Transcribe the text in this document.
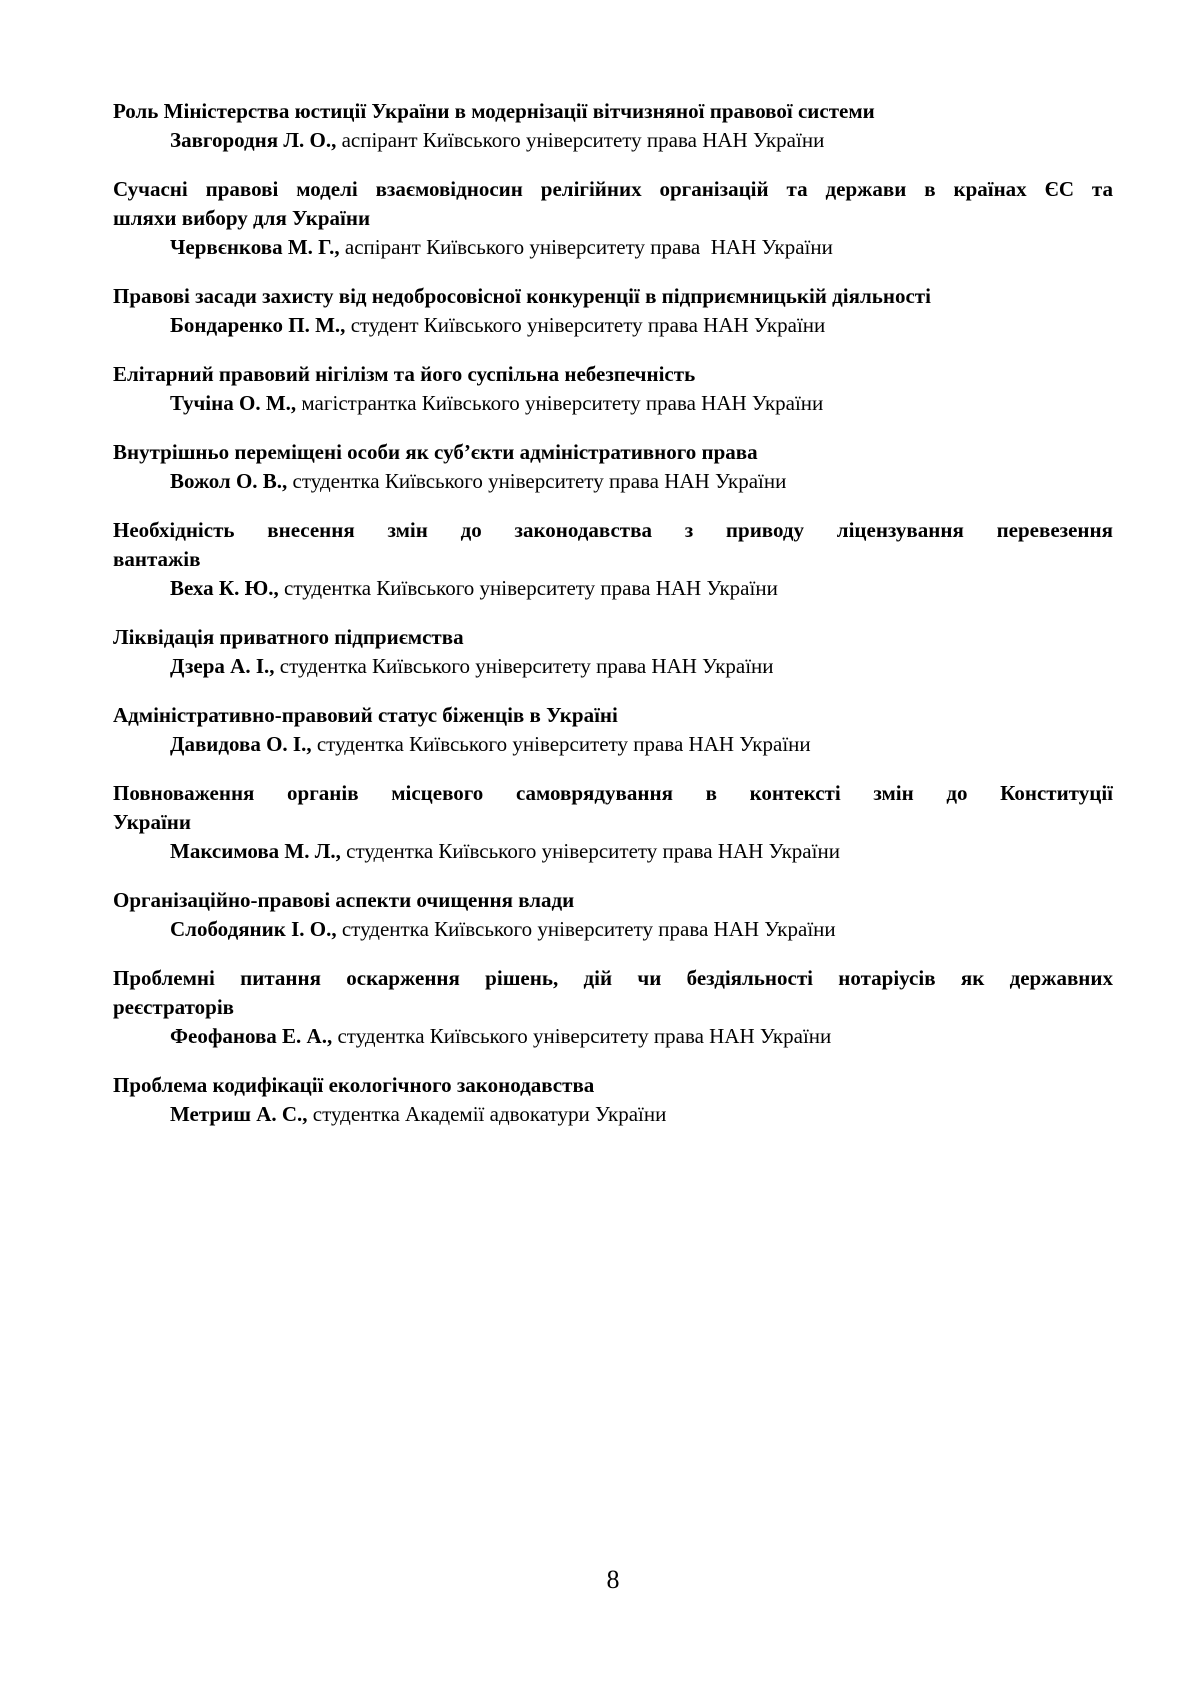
Роль Міністерства юстиції України в модернізації вітчизняної правової системи

Завгородня Л. О., аспірант Київського університету права НАН України

Сучасні правові моделі взаємовідносин релігійних організацій та держави в країнах ЄС та
шляхи вибору для України

Червєнкова М. Г., аспірант Київського університету права  НАН України

Правові засади захисту від недобросовісної конкуренції в підприємницькій діяльності

Бондаренко П. М., студент Київського університету права НАН України

Елітарний правовий нігілізм та його суспільна небезпечність

Тучіна О. М., магістрантка Київського університету права НАН України

Внутрішньо переміщені особи як суб’єкти адміністративного права

Вожол О. В., студентка Київського університету права НАН України

Необхідність внесення змін до законодавства з приводу ліцензування перевезення
вантажів

Веха К. Ю., студентка Київського університету права НАН України

Ліквідація приватного підприємства

Дзера А. І., студентка Київського університету права НАН України

Адміністративно-правовий статус біженців в Україні

Давидова О. І., студентка Київського університету права НАН України

Повноваження органів місцевого самоврядування в контексті змін до Конституції
України

Максимова М. Л., студентка Київського університету права НАН України

Організаційно-правові аспекти очищення влади

Слободяник І. О., студентка Київського університету права НАН України

Проблемні питання оскарження рішень, дій чи бездіяльності нотаріусів як державних
реєстраторів

Феофанова Е. А., студентка Київського університету права НАН України

Проблема кодифікації екологічного законодавства

Метриш А. С., студентка Академії адвокатури України

8
